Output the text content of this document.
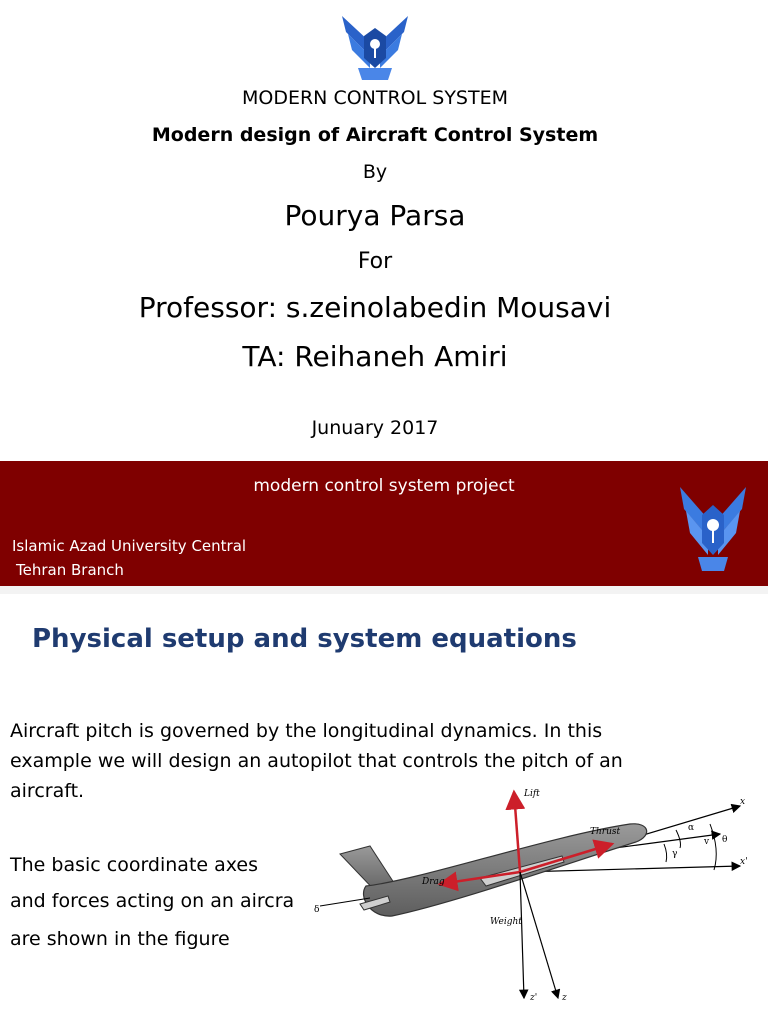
MODERN CONTROL SYSTEM
Modern design of Aircraft Control System
By
Pourya Parsa
For
Professor: s.zeinolabedin Mousavi
TA: Reihaneh Amiri
Junuary 2017
modern control system project
Islamic Azad University Central
Tehran Branch
Physical setup and system equations
Aircraft pitch is governed by the longitudinal dynamics. In this
example we will design an autopilot that controls the pitch of an
aircraft.
The basic coordinate axes
and forces acting on an aircra
are shown in the figure
Lift
Thrust
Drag
Weight
x
x'
z'	z
α
θ
γ
v
δ
